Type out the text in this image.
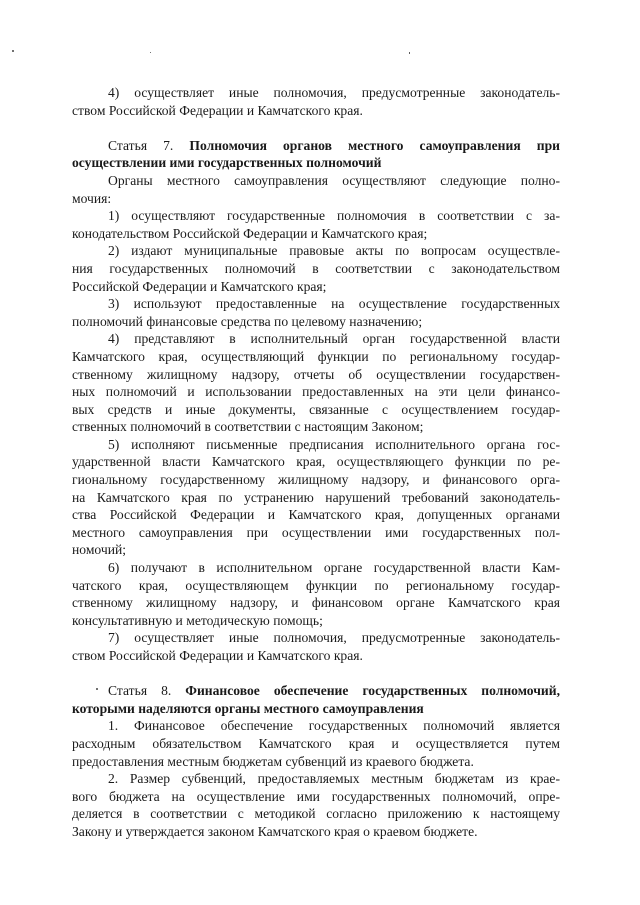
4) осуществляет иные полномочия, предусмотренные законодатель-
ством Российской Федерации и Камчатского края.
Статья 7. Полномочия органов местного самоуправления при
осуществлении ими государственных полномочий
Органы местного самоуправления осуществляют следующие полно-
мочия:
1) осуществляют государственные полномочия в соответствии с за-
конодательством Российской Федерации и Камчатского края;
2) издают муниципальные правовые акты по вопросам осуществле-
ния государственных полномочий в соответствии с законодательством
Российской Федерации и Камчатского края;
3) используют предоставленные на осуществление государственных
полномочий финансовые средства по целевому назначению;
4) представляют в исполнительный орган государственной власти
Камчатского края, осуществляющий функции по региональному государ-
ственному жилищному надзору, отчеты об осуществлении государствен-
ных полномочий и использовании предоставленных на эти цели финансо-
вых средств и иные документы, связанные с осуществлением государ-
ственных полномочий в соответствии с настоящим Законом;
5) исполняют письменные предписания исполнительного органа гос-
ударственной власти Камчатского края, осуществляющего функции по ре-
гиональному государственному жилищному надзору, и финансового орга-
на Камчатского края по устранению нарушений требований законодатель-
ства Российской Федерации и Камчатского края, допущенных органами
местного самоуправления при осуществлении ими государственных пол-
номочий;
6) получают в исполнительном органе государственной власти Кам-
чатского края, осуществляющем функции по региональному государ-
ственному жилищному надзору, и финансовом органе Камчатского края
консультативную и методическую помощь;
7) осуществляет иные полномочия, предусмотренные законодатель-
ством Российской Федерации и Камчатского края.
Статья 8. Финансовое обеспечение государственных полномочий,
которыми наделяются органы местного самоуправления
1. Финансовое обеспечение государственных полномочий является
расходным обязательством Камчатского края и осуществляется путем
предоставления местным бюджетам субвенций из краевого бюджета.
2. Размер субвенций, предоставляемых местным бюджетам из крае-
вого бюджета на осуществление ими государственных полномочий, опре-
деляется в соответствии с методикой согласно приложению к настоящему
Закону и утверждается законом Камчатского края о краевом бюджете.
